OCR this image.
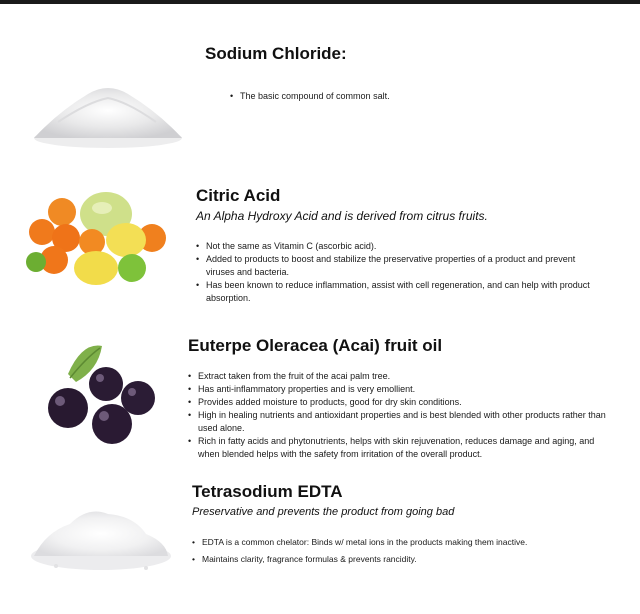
Sodium Chloride:
• The basic compound of common salt.
Citric Acid
An Alpha Hydroxy Acid and is derived from citrus fruits.
• Not the same as Vitamin C (ascorbic acid).
• Added to products to boost and stabilize the preservative properties of a product and prevent viruses and bacteria.
• Has been known to reduce inflammation, assist with cell regeneration, and can help with product absorption.
Euterpe Oleracea (Acai) fruit oil
• Extract taken from the fruit of the acai palm tree.
• Has anti-inflammatory properties and is very emollient.
• Provides added moisture to products, good for dry skin conditions.
• High in healing nutrients and antioxidant properties and is best blended with other products rather than used alone.
• Rich in fatty acids and phytonutrients, helps with skin rejuvenation, reduces damage and aging, and when blended helps with the safety from irritation of the overall product.
Tetrasodium EDTA
Preservative and prevents the product from going bad
• EDTA is a common chelator: Binds w/ metal ions in the products making them inactive.
• Maintains clarity, fragrance formulas & prevents rancidity.
